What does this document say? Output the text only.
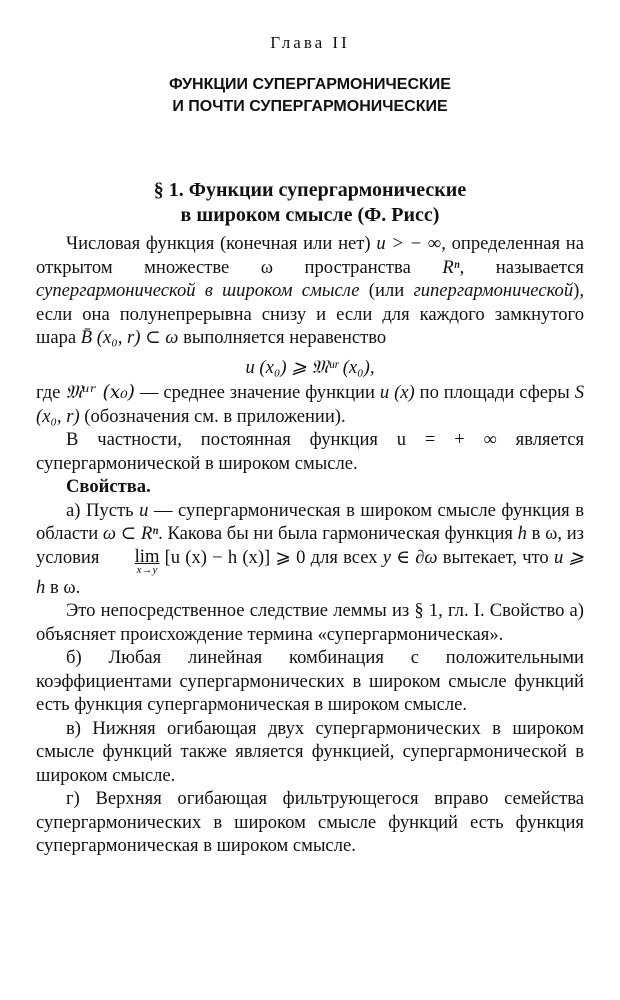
Глава II
ФУНКЦИИ СУПЕРГАРМОНИЧЕСКИЕ
И ПОЧТИ СУПЕРГАРМОНИЧЕСКИЕ
§ 1. Функции супергармонические
в широком смысле (Ф. Рисс)

Числовая функция (конечная или нет) u > − ∞, определенная на открытом множестве ω пространства Rⁿ, называется супергармонической в широком смысле (или гипергармонической), если она полунепрерывна снизу и если для каждого замкнутого шара B̄ (x₀, r) ⊂ ω выполняется неравенство

u (x₀) ⩾ 𝔐ᵘʳ (x₀),

где 𝔐ᵘʳ (x₀) — среднее значение функции u (x) по площади сферы S (x₀, r) (обозначения см. в приложении).

В частности, постоянная функция u = + ∞ является супергармонической в широком смысле.

Свойства.

а) Пусть u — супергармоническая в широком смысле функция в области ω ⊂ Rⁿ. Какова бы ни была гармоническая функция h в ω, из условия	lim
x→y
[u (x) − h (x)] ⩾ 0 для всех y ∈ ∂ω вытекает, что u ⩾ h в ω.

Это непосредственное следствие леммы из § 1, гл. I. Свойство а) объясняет происхождение термина «супергармоническая».

б) Любая линейная комбинация с положительными коэффициентами супергармонических в широком смысле функций есть функция супергармоническая в широком смысле.

в) Нижняя огибающая двух супергармонических в широком смысле функций также является функцией, супергармонической в широком смысле.

г) Верхняя огибающая фильтрующегося вправо семейства супергармонических в широком смысле функций есть функция супергармоническая в широком смысле.
